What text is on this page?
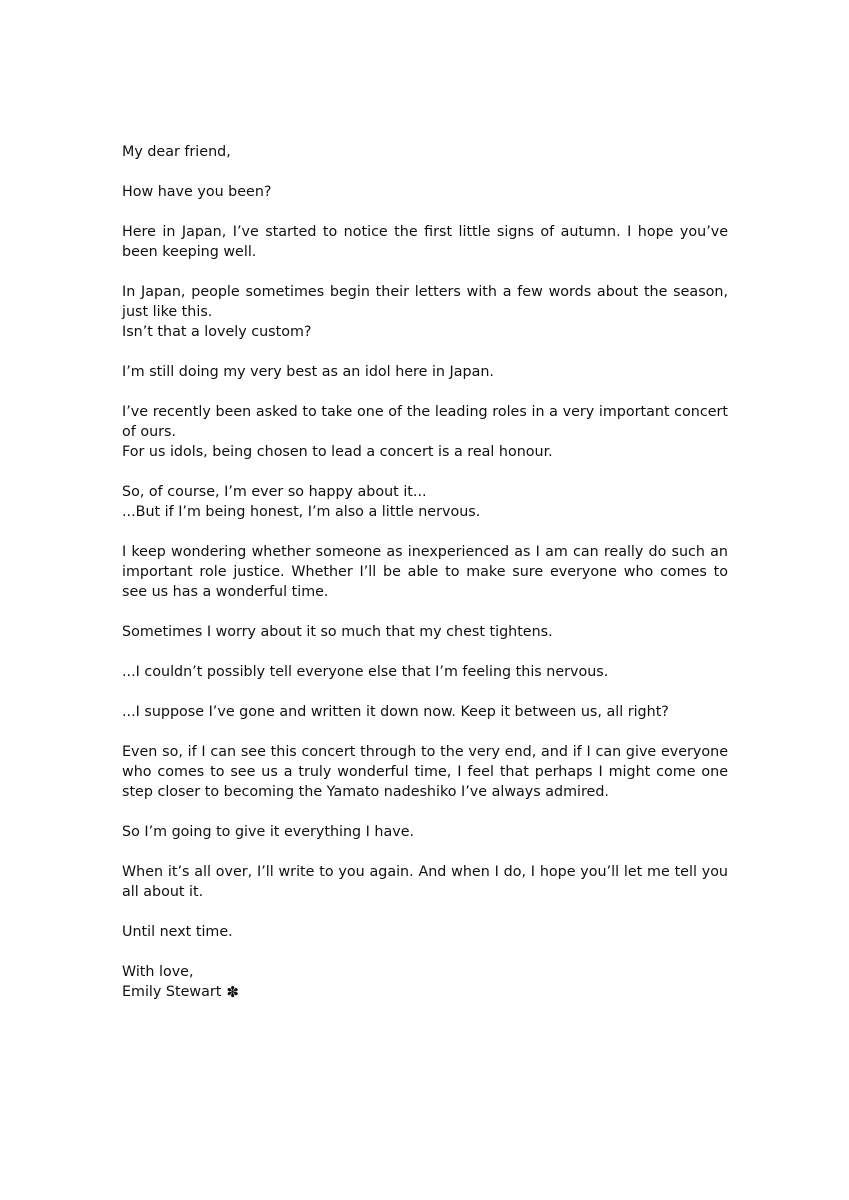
My dear friend,

How have you been?

Here in Japan, I’ve started to notice the first little signs of autumn. I hope you’ve been keeping well.

In Japan, people sometimes begin their letters with a few words about the season, just like this.
Isn’t that a lovely custom?

I’m still doing my very best as an idol here in Japan.

I’ve recently been asked to take one of the leading roles in a very important concert of ours.
For us idols, being chosen to lead a concert is a real honour.

So, of course, I’m ever so happy about it...
...But if I’m being honest, I’m also a little nervous.

I keep wondering whether someone as inexperienced as I am can really do such an important role justice. Whether I’ll be able to make sure everyone who comes to see us has a wonderful time.

Sometimes I worry about it so much that my chest tightens.

...I couldn’t possibly tell everyone else that I’m feeling this nervous.

...I suppose I’ve gone and written it down now. Keep it between us, all right?

Even so, if I can see this concert through to the very end, and if I can give everyone who comes to see us a truly wonderful time, I feel that perhaps I might come one step closer to becoming the Yamato nadeshiko I’ve always admired.

So I’m going to give it everything I have.

When it’s all over, I’ll write to you again. And when I do, I hope you’ll let me tell you all about it.

Until next time.

With love,
Emily Stewart ✽
